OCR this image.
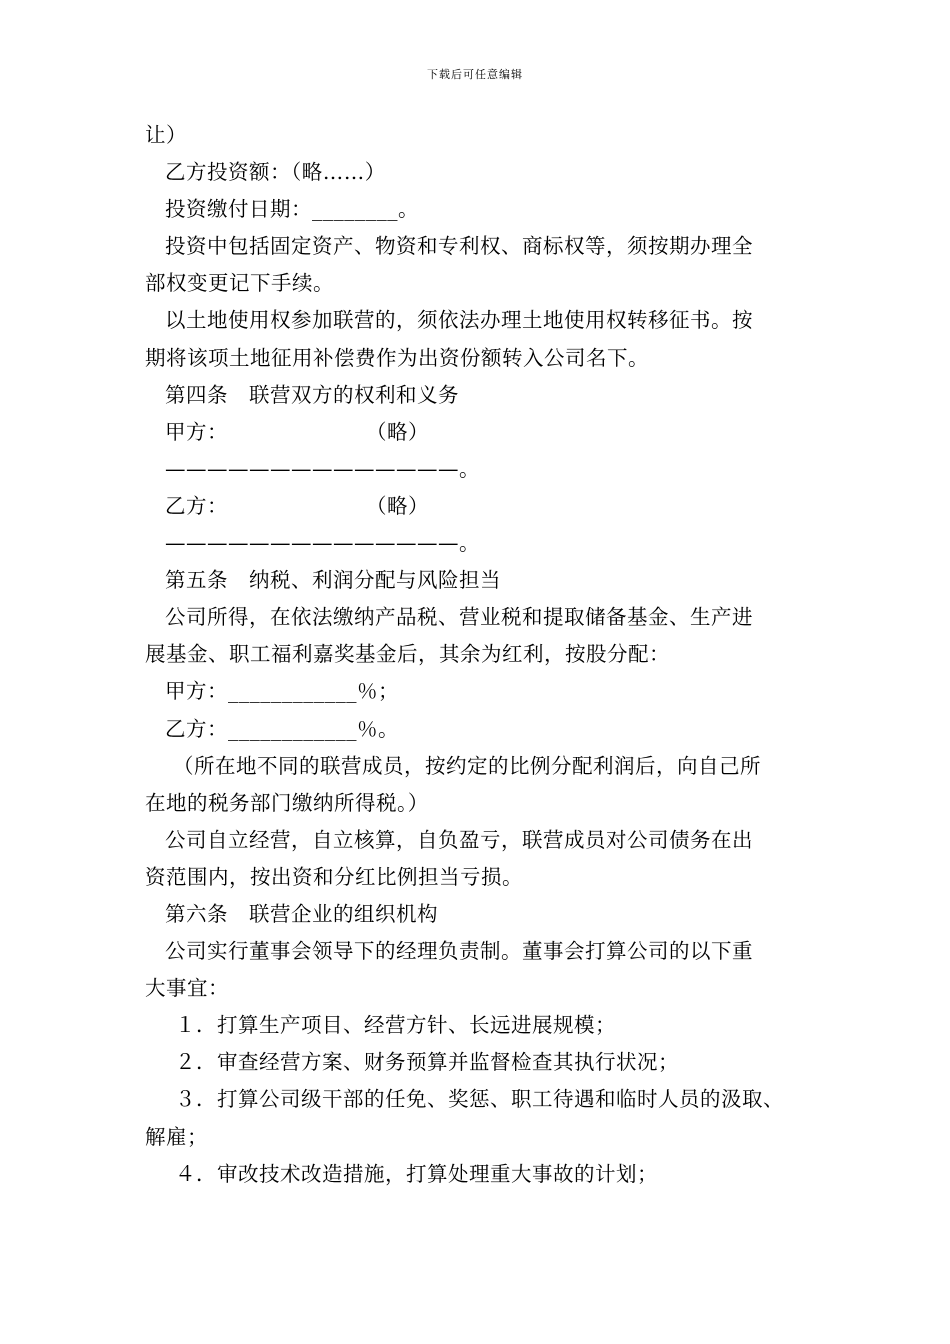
下载后可任意编辑
让）
乙方投资额：（略……）
投资缴付日期：________。
投资中包括固定资产、物资和专利权、商标权等，须按期办理全
部权变更记下手续。
以土地使用权参加联营的，须依法办理土地使用权转移征书。按
期将该项土地征用补偿费作为出资份额转入公司名下。
第四条　联营双方的权利和义务
甲方：	（略）
——————————————。
乙方：	（略）
——————————————。
第五条　纳税、利润分配与风险担当
公司所得，在依法缴纳产品税、营业税和提取储备基金、生产进
展基金、职工福利嘉奖基金后，其余为红利，按股分配：
甲方：____________％；
乙方：____________％。
（所在地不同的联营成员，按约定的比例分配利润后，向自己所
在地的税务部门缴纳所得税。）
公司自立经营，自立核算，自负盈亏，联营成员对公司债务在出
资范围内，按出资和分红比例担当亏损。
第六条　联营企业的组织机构
公司实行董事会领导下的经理负责制。董事会打算公司的以下重
大事宜：
１．打算生产项目、经营方针、长远进展规模；
２．审查经营方案、财务预算并监督检查其执行状况；
３．打算公司级干部的任免、奖惩、职工待遇和临时人员的汲取、
解雇；
４．审改技术改造措施，打算处理重大事故的计划；
